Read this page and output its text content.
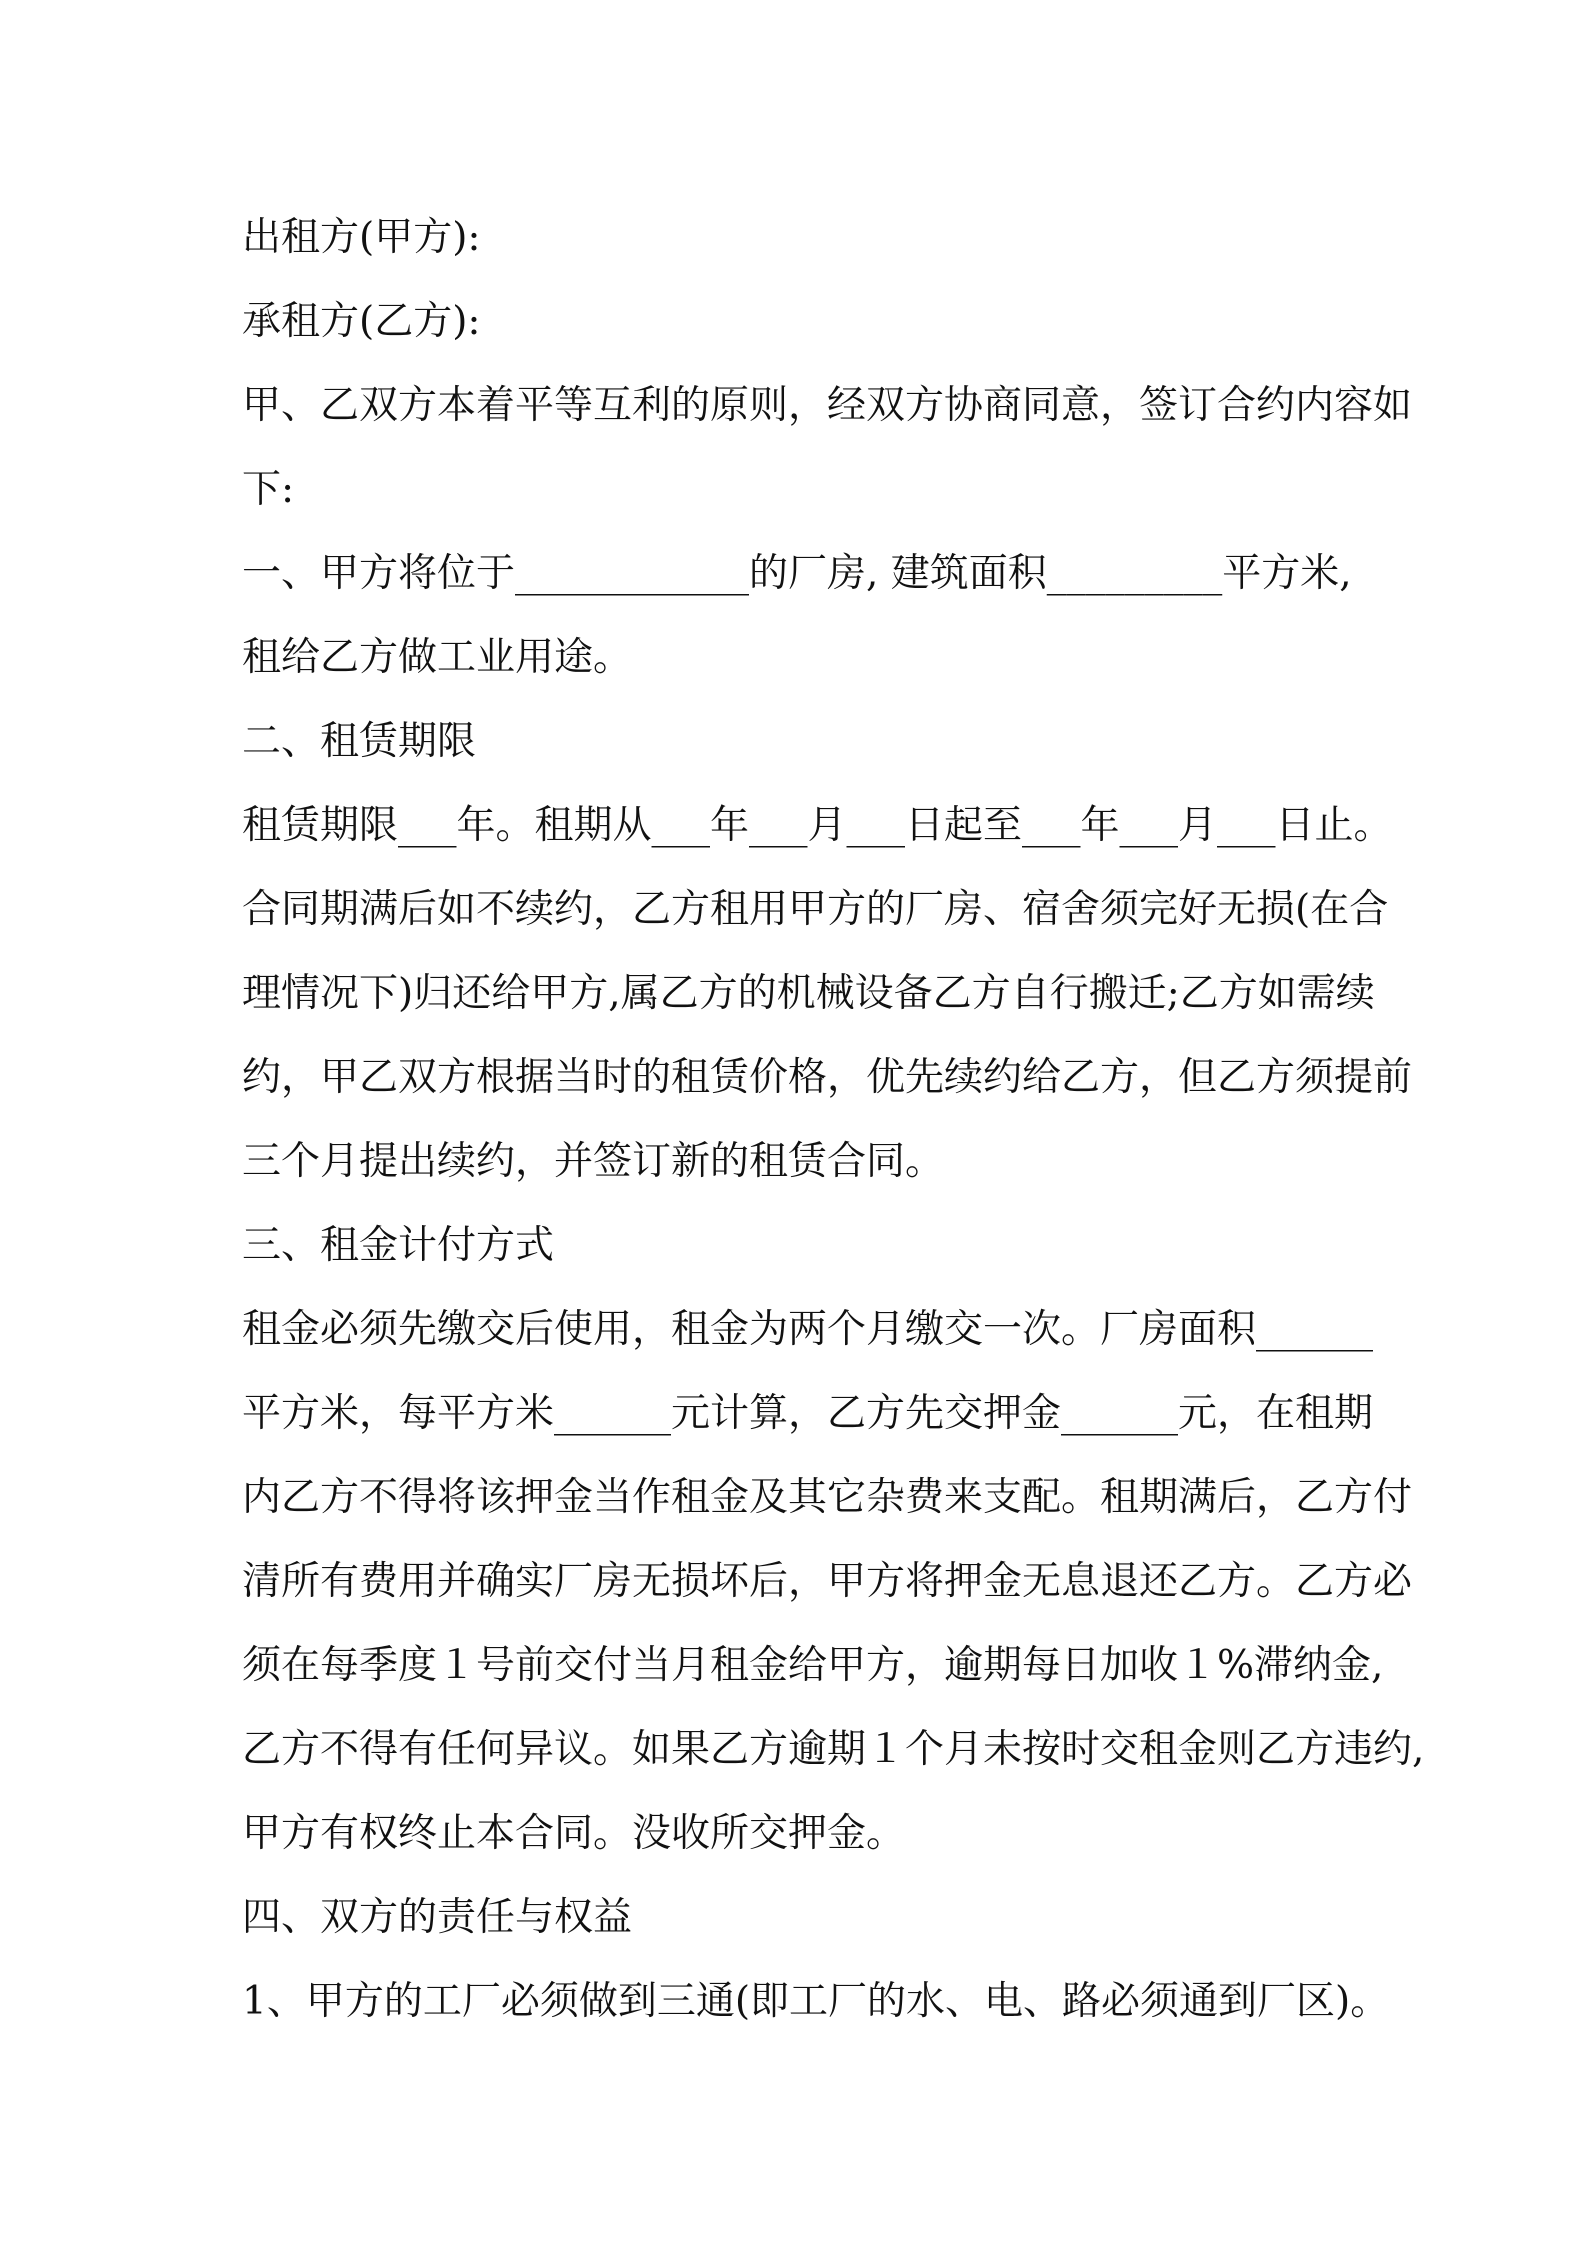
出租方(甲方):
承租方(乙方):
甲、乙双方本着平等互利的原则，经双方协商同意，签订合约内容如
下:
一、甲方将位于____________的厂房, 建筑面积_________平方米,
租给乙方做工业用途。
二、租赁期限
租赁期限___年。租期从___年___月___日起至___年___月___日止。
合同期满后如不续约，乙方租用甲方的厂房、宿舍须完好无损(在合
理情况下)归还给甲方,属乙方的机械设备乙方自行搬迁;乙方如需续
约，甲乙双方根据当时的租赁价格，优先续约给乙方，但乙方须提前
三个月提出续约，并签订新的租赁合同。
三、租金计付方式
租金必须先缴交后使用，租金为两个月缴交一次。厂房面积______
平方米，每平方米______元计算，乙方先交押金______元，在租期
内乙方不得将该押金当作租金及其它杂费来支配。租期满后，乙方付
清所有费用并确实厂房无损坏后，甲方将押金无息退还乙方。乙方必
须在每季度１号前交付当月租金给甲方，逾期每日加收１%滞纳金,
乙方不得有任何异议。如果乙方逾期１个月未按时交租金则乙方违约,
甲方有权终止本合同。没收所交押金。
四、双方的责任与权益
1、甲方的工厂必须做到三通(即工厂的水、电、路必须通到厂区)。
